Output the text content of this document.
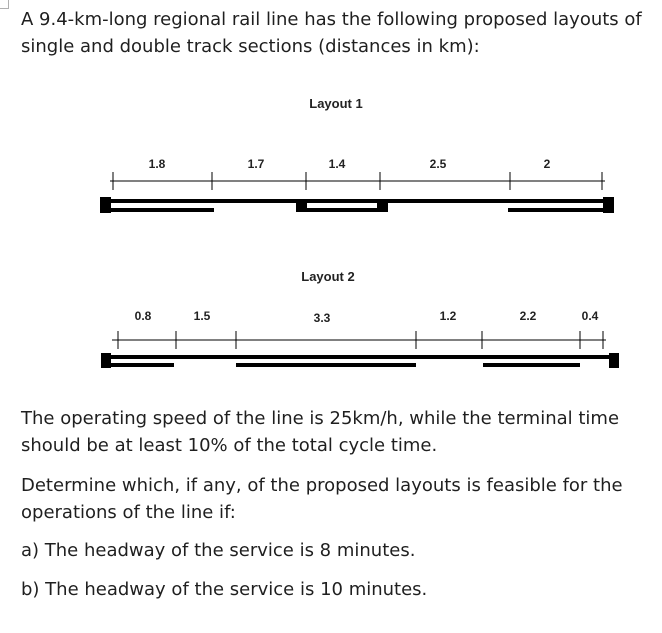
A 9.4-km-long regional rail line has the following proposed layouts of
single and double track sections (distances in km):

Layout 1
1.8	1.7	1.4	2.5	2
Layout 2
0.8	1.5	3.3	1.2	2.2	0.4

The operating speed of the line is 25km/h, while the terminal time
should be at least 10% of the total cycle time.

Determine which, if any, of the proposed layouts is feasible for the
operations of the line if:

a) The headway of the service is 8 minutes.

b) The headway of the service is 10 minutes.
